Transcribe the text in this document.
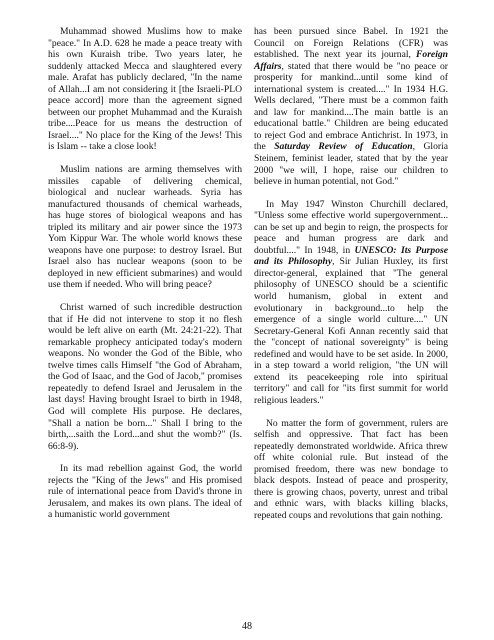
Muhammad showed Muslims how to make "peace." In A.D. 628 he made a peace treaty with his own Kuraish tribe. Two years later, he suddenly attacked Mecca and slaughtered every male. Arafat has publicly declared, "In the name of Allah...I am not considering it [the Israeli-PLO peace accord] more than the agreement signed between our prophet Muhammad and the Kuraish tribe....Peace for us means the destruction of Israel...." No place for the King of the Jews! This is Islam -- take a close look!

Muslim nations are arming themselves with missiles capable of delivering chemical, biological and nuclear warheads. Syria has manufactured thousands of chemical warheads, has huge stores of biological weapons and has tripled its military and air power since the 1973 Yom Kippur War. The whole world knows these weapons have one purpose: to destroy Israel. But Israel also has nuclear weapons (soon to be deployed in new efficient submarines) and would use them if needed. Who will bring peace?

Christ warned of such incredible destruction that if He did not intervene to stop it no flesh would be left alive on earth (Mt. 24:21-22). That remarkable prophecy anticipated today's modern weapons. No wonder the God of the Bible, who twelve times calls Himself "the God of Abraham, the God of Isaac, and the God of Jacob," promises repeatedly to defend Israel and Jerusalem in the last days! Having brought Israel to birth in 1948, God will complete His purpose. He declares, "Shall a nation be born..." Shall I bring to the birth,...saith the Lord...and shut the womb?" (Is. 66:8-9).

In its mad rebellion against God, the world rejects the "King of the Jews" and His promised rule of international peace from David's throne in Jerusalem, and makes its own plans. The ideal of a humanistic world government

has been pursued since Babel. In 1921 the Council on Foreign Relations (CFR) was established. The next year its journal, Foreign Affairs, stated that there would be "no peace or prosperity for mankind...until some kind of international system is created...." In 1934 H.G. Wells declared, "There must be a common faith and law for mankind....The main battle is an educational battle." Children are being educated to reject God and embrace Antichrist. In 1973, in the Saturday Review of Education, Gloria Steinem, feminist leader, stated that by the year 2000 "we will, I hope, raise our children to believe in human potential, not God."

In May 1947 Winston Churchill declared, "Unless some effective world supergovernment... can be set up and begin to reign, the prospects for peace and human progress are dark and doubtful...." In 1948, in UNESCO: Its Purpose and its Philosophy, Sir Julian Huxley, its first director-general, explained that "The general philosophy of UNESCO should be a scientific world humanism, global in extent and evolutionary in background...to help the emergence of a single world culture...." UN Secretary-General Kofi Annan recently said that the "concept of national sovereignty" is being redefined and would have to be set aside. In 2000, in a step toward a world religion, "the UN will extend its peacekeeping role into spiritual territory" and call for "its first summit for world religious leaders."

No matter the form of government, rulers are selfish and oppressive. That fact has been repeatedly demonstrated worldwide. Africa threw off white colonial rule. But instead of the promised freedom, there was new bondage to black despots. Instead of peace and prosperity, there is growing chaos, poverty, unrest and tribal and ethnic wars, with blacks killing blacks, repeated coups and revolutions that gain nothing.

48
